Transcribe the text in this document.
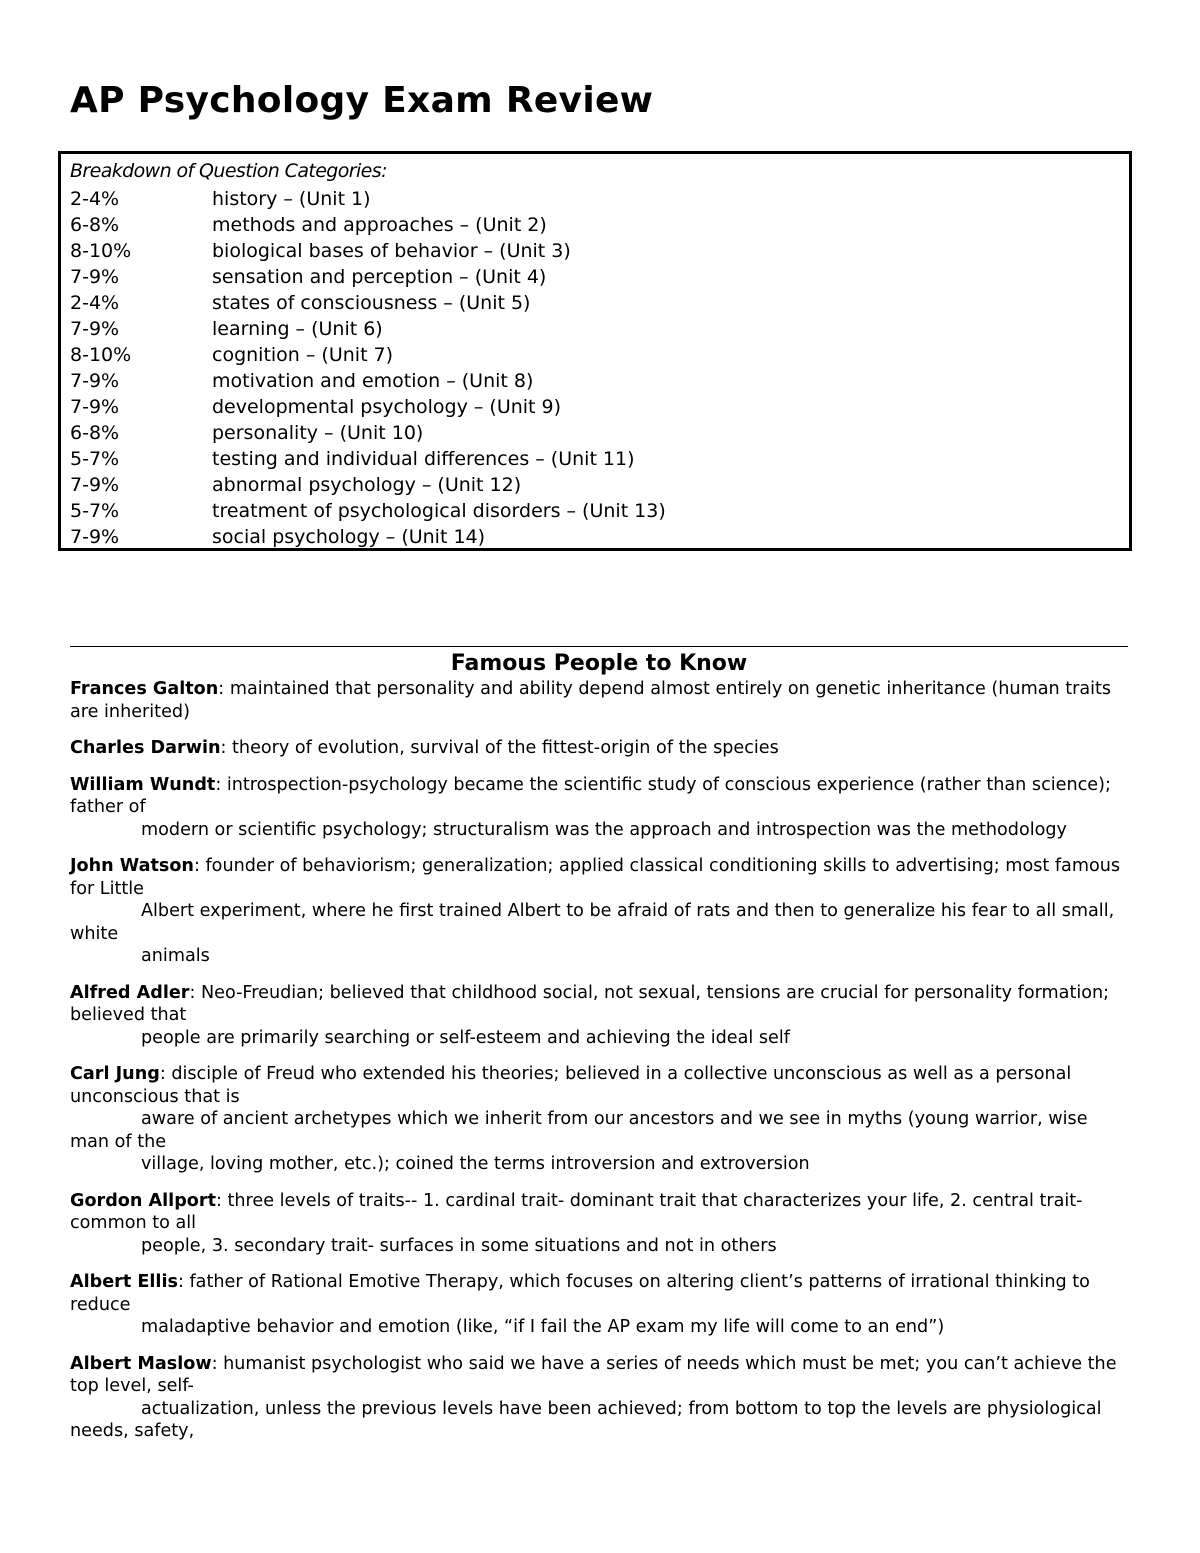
AP Psychology Exam Review
Breakdown of Question Categories:
2-4%	history – (Unit 1)
6-8%	methods and approaches – (Unit 2)
8-10%	biological bases of behavior – (Unit 3)
7-9%	sensation and perception – (Unit 4)
2-4%	states of consciousness – (Unit 5)
7-9%	learning – (Unit 6)
8-10%	cognition – (Unit 7)
7-9%	motivation and emotion – (Unit 8)
7-9%	developmental psychology – (Unit 9)
6-8%	personality – (Unit 10)
5-7%	testing and individual differences – (Unit 11)
7-9%	abnormal psychology – (Unit 12)
5-7%	treatment of psychological disorders – (Unit 13)
7-9%	social psychology – (Unit 14)
Famous People to Know

Frances Galton: maintained that personality and ability depend almost entirely on genetic inheritance (human traits are inherited)

Charles Darwin: theory of evolution, survival of the fittest-origin of the species

William Wundt: introspection-psychology became the scientific study of conscious experience (rather than science); father of

modern or scientific psychology; structuralism was the approach and introspection was the methodology

John Watson: founder of behaviorism; generalization; applied classical conditioning skills to advertising; most famous for Little

Albert experiment, where he first trained Albert to be afraid of rats and then to generalize his fear to all small, white

animals

Alfred Adler: Neo-Freudian; believed that childhood social, not sexual, tensions are crucial for personality formation; believed that

people are primarily searching or self-esteem and achieving the ideal self

Carl Jung: disciple of Freud who extended his theories; believed in a collective unconscious as well as a personal unconscious that is

aware of ancient archetypes which we inherit from our ancestors and we see in myths (young warrior, wise man of the

village, loving mother, etc.); coined the terms introversion and extroversion

Gordon Allport: three levels of traits-- 1. cardinal trait- dominant trait that characterizes your life, 2. central trait- common to all

people, 3. secondary trait- surfaces in some situations and not in others

Albert Ellis: father of Rational Emotive Therapy, which focuses on altering client’s patterns of irrational thinking to reduce

maladaptive behavior and emotion (like, “if I fail the AP exam my life will come to an end”)

Albert Maslow: humanist psychologist who said we have a series of needs which must be met; you can’t achieve the top level, self-

actualization, unless the previous levels have been achieved; from bottom to top the levels are physiological needs, safety,
